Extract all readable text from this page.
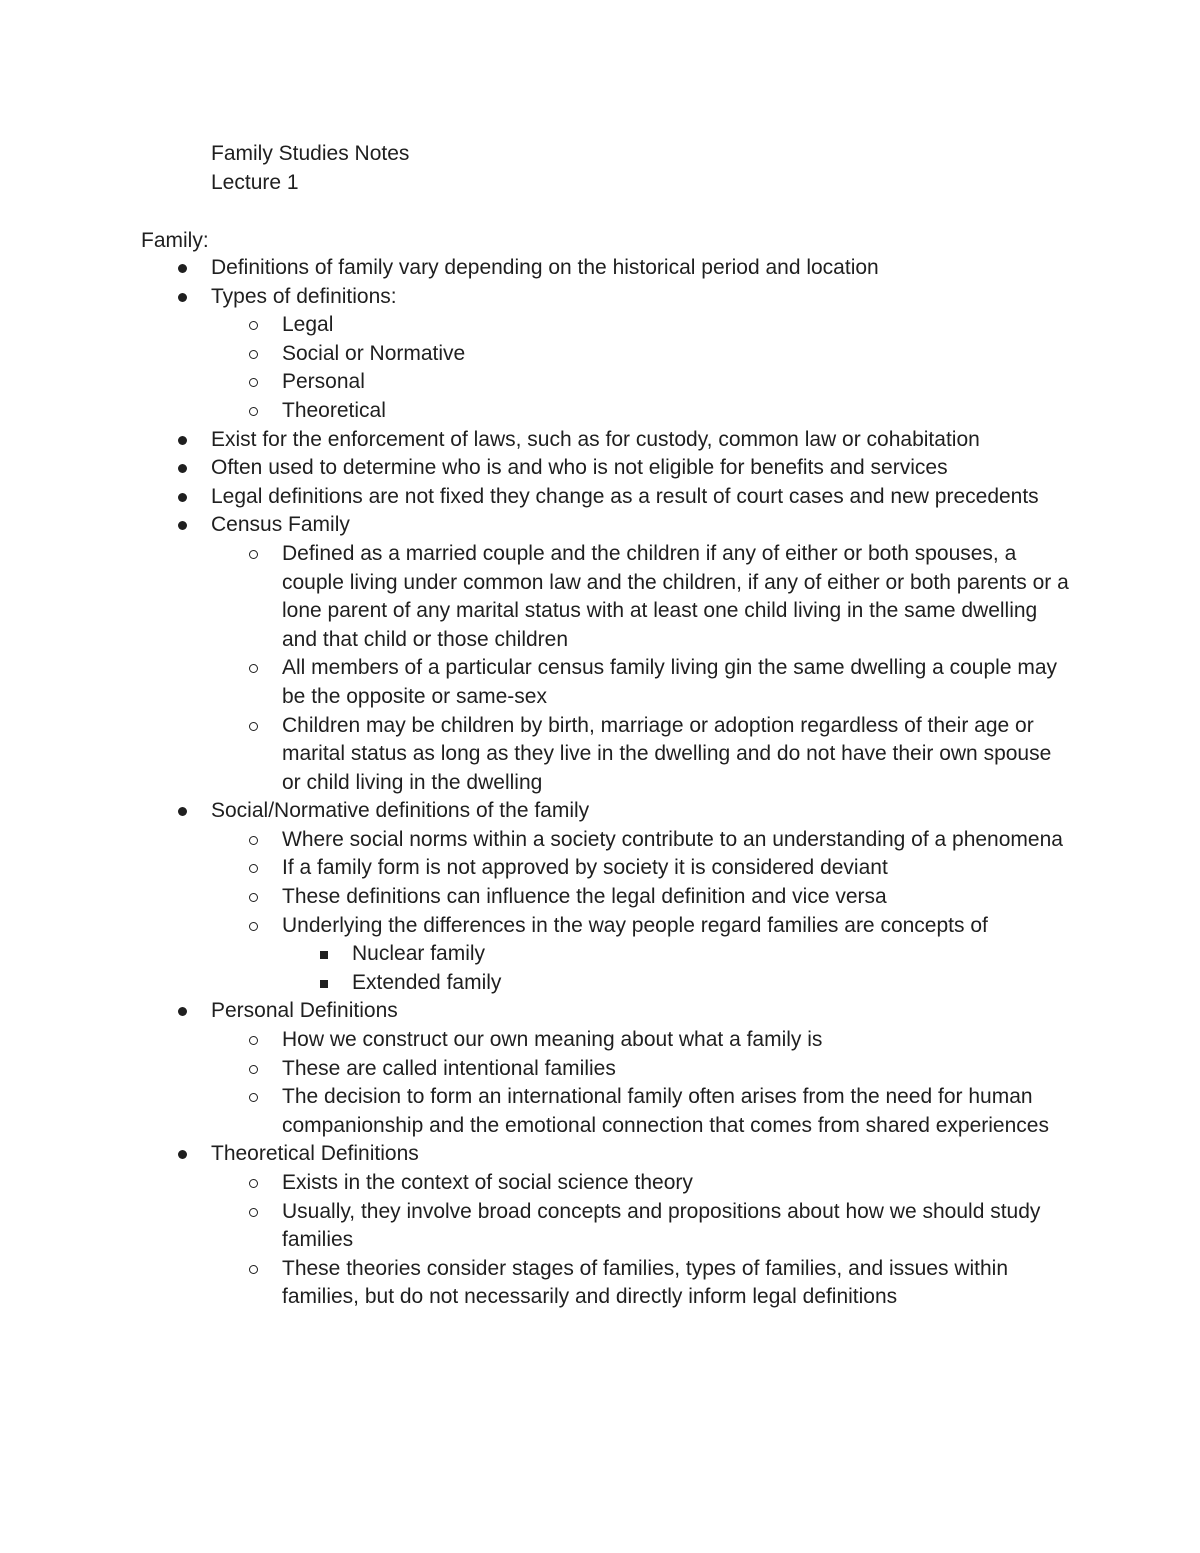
Family Studies Notes
Lecture 1
Family:
Definitions of family vary depending on the historical period and location
Types of definitions:
Legal
Social or Normative
Personal
Theoretical
Exist for the enforcement of laws, such as for custody, common law or cohabitation
Often used to determine who is and who is not eligible for benefits and services
Legal definitions are not fixed they change as a result of court cases and new precedents
Census Family
Defined as a married couple and the children if any of either or both spouses, a couple living under common law and the children, if any of either or both parents or a lone parent of any marital status with at least one child living in the same dwelling and that child or those children
All members of a particular census family living gin the same dwelling a couple may be the opposite or same-sex
Children may be children by birth, marriage or adoption regardless of their age or marital status as long as they live in the dwelling and do not have their own spouse or child living in the dwelling
Social/Normative definitions of the family
Where social norms within a society contribute to an understanding of a phenomena
If a family form is not approved by society it is considered deviant
These definitions can influence the legal definition and vice versa
Underlying the differences in the way people regard families are concepts of
Nuclear family
Extended family
Personal Definitions
How we construct our own meaning about what a family is
These are called intentional families
The decision to form an international family often arises from the need for human companionship and the emotional connection that comes from shared experiences
Theoretical Definitions
Exists in the context of social science theory
Usually, they involve broad concepts and propositions about how we should study families
These theories consider stages of families, types of families, and issues within families, but do not necessarily and directly inform legal definitions
